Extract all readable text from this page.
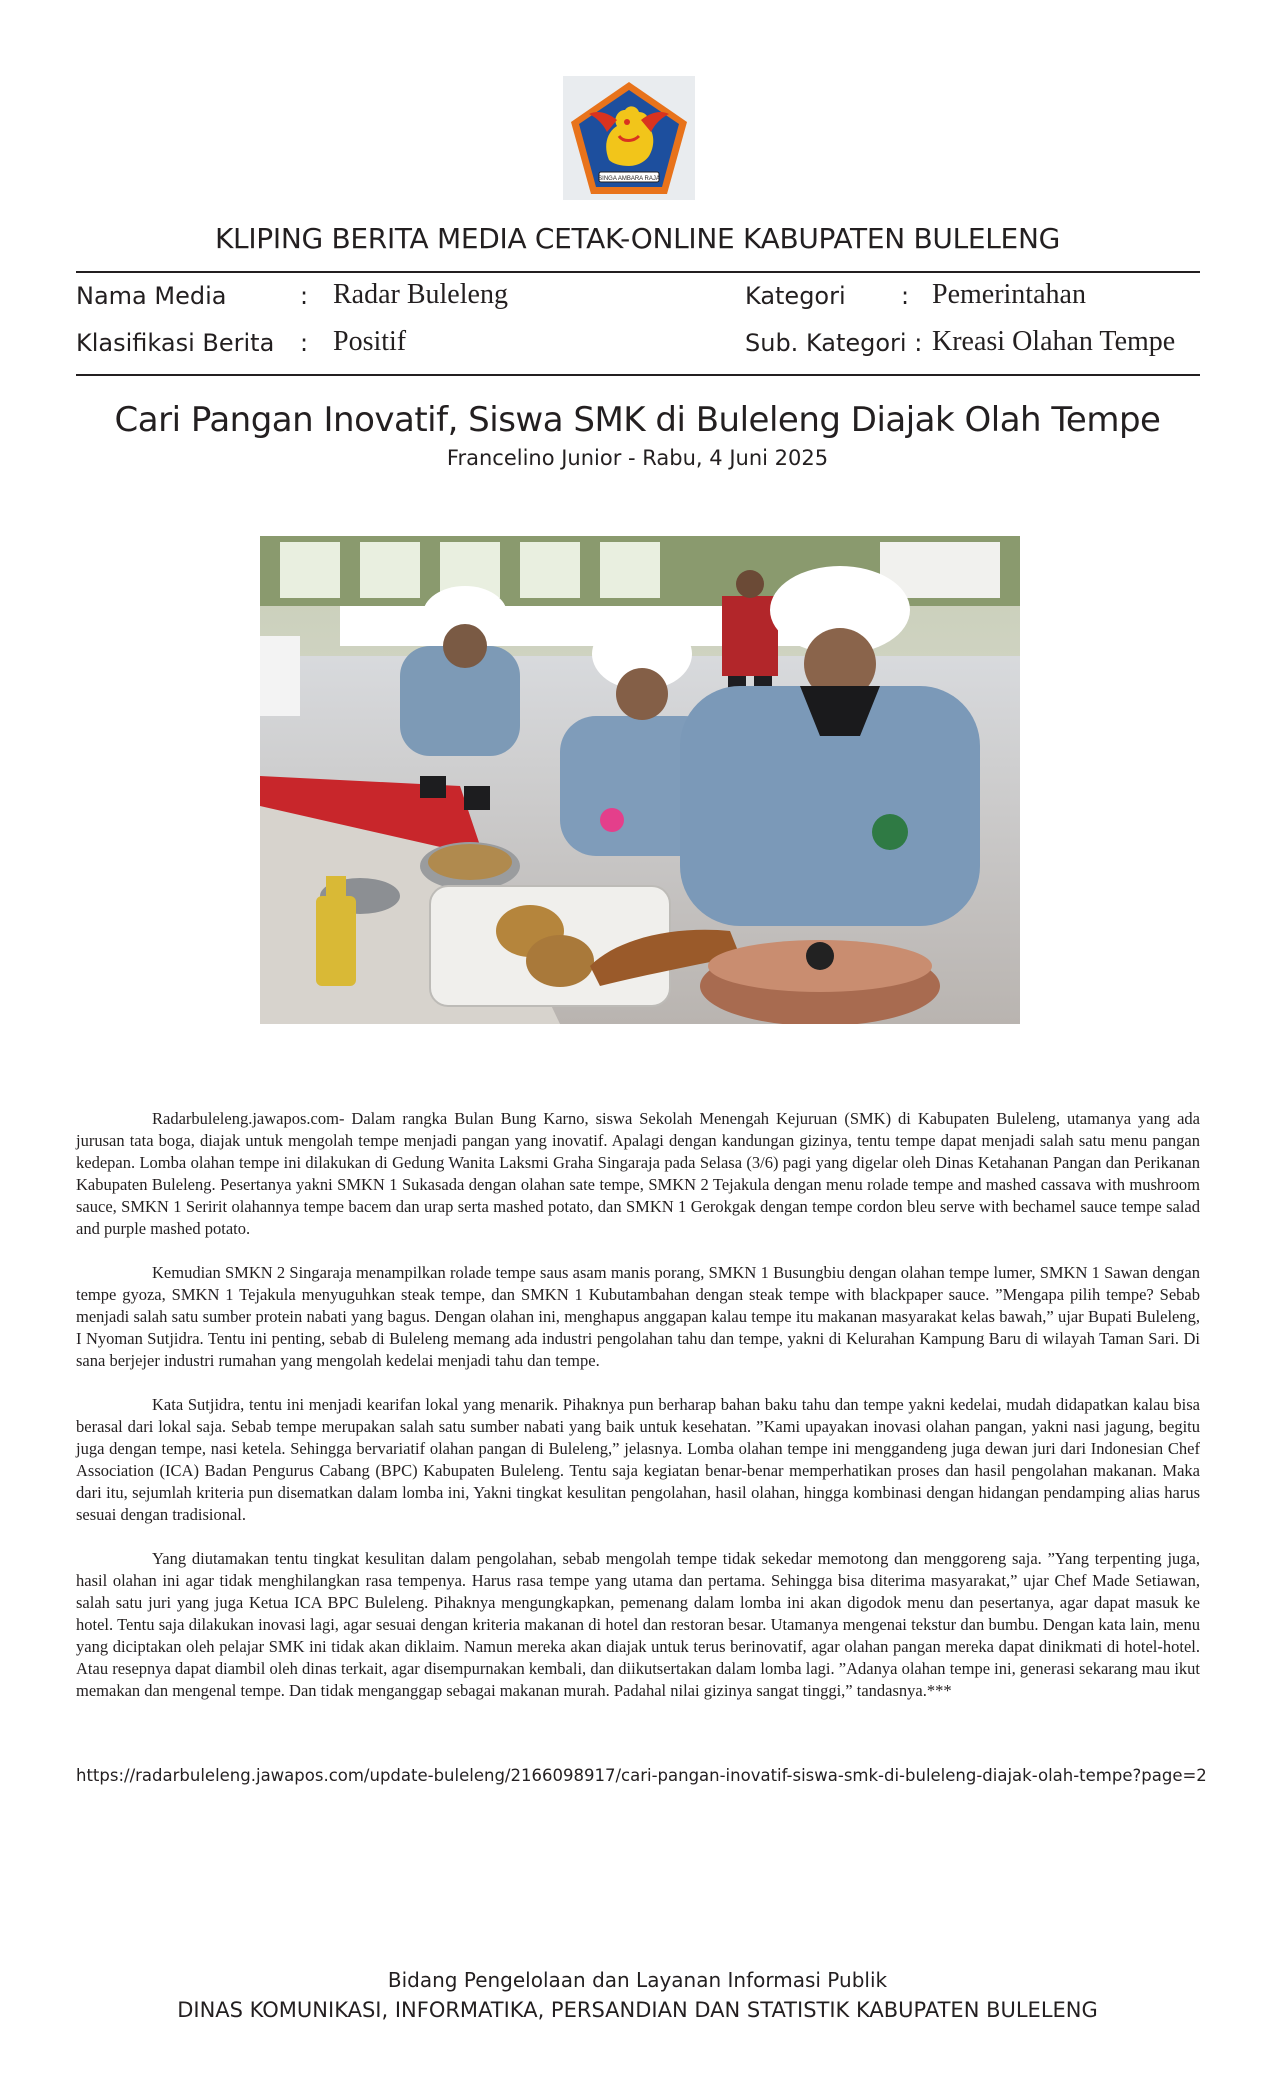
SINGA AMBARA RAJA
KLIPING BERITA MEDIA CETAK-ONLINE KABUPATEN BULELENG
Nama Media	: Radar Buleleng	Kategori : Pemerintahan
Klasifikasi Berita : Positif	Sub. Kategori : Kreasi Olahan Tempe
Cari Pangan Inovatif, Siswa SMK di Buleleng Diajak Olah Tempe
Francelino Junior - Rabu, 4 Juni 2025

Radarbuleleng.jawapos.com- Dalam rangka Bulan Bung Karno, siswa Sekolah Menengah Kejuruan (SMK) di Kabupaten Buleleng, utamanya yang ada jurusan tata boga, diajak untuk mengolah tempe menjadi pangan yang inovatif. Apalagi dengan kandungan gizinya, tentu tempe dapat menjadi salah satu menu pangan kedepan. Lomba olahan tempe ini dilakukan di Gedung Wanita Laksmi Graha Singaraja pada Selasa (3/6) pagi yang digelar oleh Dinas Ketahanan Pangan dan Perikanan Kabupaten Buleleng. Pesertanya yakni SMKN 1 Sukasada dengan olahan sate tempe, SMKN 2 Tejakula dengan menu rolade tempe and mashed cassava with mushroom sauce, SMKN 1 Seririt olahannya tempe bacem dan urap serta mashed potato, dan SMKN 1 Gerokgak dengan tempe cordon bleu serve with bechamel sauce tempe salad and purple mashed potato.

Kemudian SMKN 2 Singaraja menampilkan rolade tempe saus asam manis porang, SMKN 1 Busungbiu dengan olahan tempe lumer, SMKN 1 Sawan dengan tempe gyoza, SMKN 1 Tejakula menyuguhkan steak tempe, dan SMKN 1 Kubutambahan dengan steak tempe with blackpaper sauce. ”Mengapa pilih tempe? Sebab menjadi salah satu sumber protein nabati yang bagus. Dengan olahan ini, menghapus anggapan kalau tempe itu makanan masyarakat kelas bawah,” ujar Bupati Buleleng, I Nyoman Sutjidra. Tentu ini penting, sebab di Buleleng memang ada industri pengolahan tahu dan tempe, yakni di Kelurahan Kampung Baru di wilayah Taman Sari. Di sana berjejer industri rumahan yang mengolah kedelai menjadi tahu dan tempe.

Kata Sutjidra, tentu ini menjadi kearifan lokal yang menarik. Pihaknya pun berharap bahan baku tahu dan tempe yakni kedelai, mudah didapatkan kalau bisa berasal dari lokal saja. Sebab tempe merupakan salah satu sumber nabati yang baik untuk kesehatan. ”Kami upayakan inovasi olahan pangan, yakni nasi jagung, begitu juga dengan tempe, nasi ketela. Sehingga bervariatif olahan pangan di Buleleng,” jelasnya. Lomba olahan tempe ini menggandeng juga dewan juri dari Indonesian Chef Association (ICA) Badan Pengurus Cabang (BPC) Kabupaten Buleleng. Tentu saja kegiatan benar-benar memperhatikan proses dan hasil pengolahan makanan. Maka dari itu, sejumlah kriteria pun disematkan dalam lomba ini, Yakni tingkat kesulitan pengolahan, hasil olahan, hingga kombinasi dengan hidangan pendamping alias harus sesuai dengan tradisional.

Yang diutamakan tentu tingkat kesulitan dalam pengolahan, sebab mengolah tempe tidak sekedar memotong dan menggoreng saja. ”Yang terpenting juga, hasil olahan ini agar tidak menghilangkan rasa tempenya. Harus rasa tempe yang utama dan pertama. Sehingga bisa diterima masyarakat,” ujar Chef Made Setiawan, salah satu juri yang juga Ketua ICA BPC Buleleng. Pihaknya mengungkapkan, pemenang dalam lomba ini akan digodok menu dan pesertanya, agar dapat masuk ke hotel. Tentu saja dilakukan inovasi lagi, agar sesuai dengan kriteria makanan di hotel dan restoran besar. Utamanya mengenai tekstur dan bumbu. Dengan kata lain, menu yang diciptakan oleh pelajar SMK ini tidak akan diklaim. Namun mereka akan diajak untuk terus berinovatif, agar olahan pangan mereka dapat dinikmati di hotel-hotel. Atau resepnya dapat diambil oleh dinas terkait, agar disempurnakan kembali, dan diikutsertakan dalam lomba lagi. ”Adanya olahan tempe ini, generasi sekarang mau ikut memakan dan mengenal tempe. Dan tidak menganggap sebagai makanan murah. Padahal nilai gizinya sangat tinggi,” tandasnya.***

https://radarbuleleng.jawapos.com/update-buleleng/2166098917/cari-pangan-inovatif-siswa-smk-di-buleleng-diajak-olah-tempe?page=2
Bidang Pengelolaan dan Layanan Informasi Publik
DINAS KOMUNIKASI, INFORMATIKA, PERSANDIAN DAN STATISTIK KABUPATEN BULELENG
